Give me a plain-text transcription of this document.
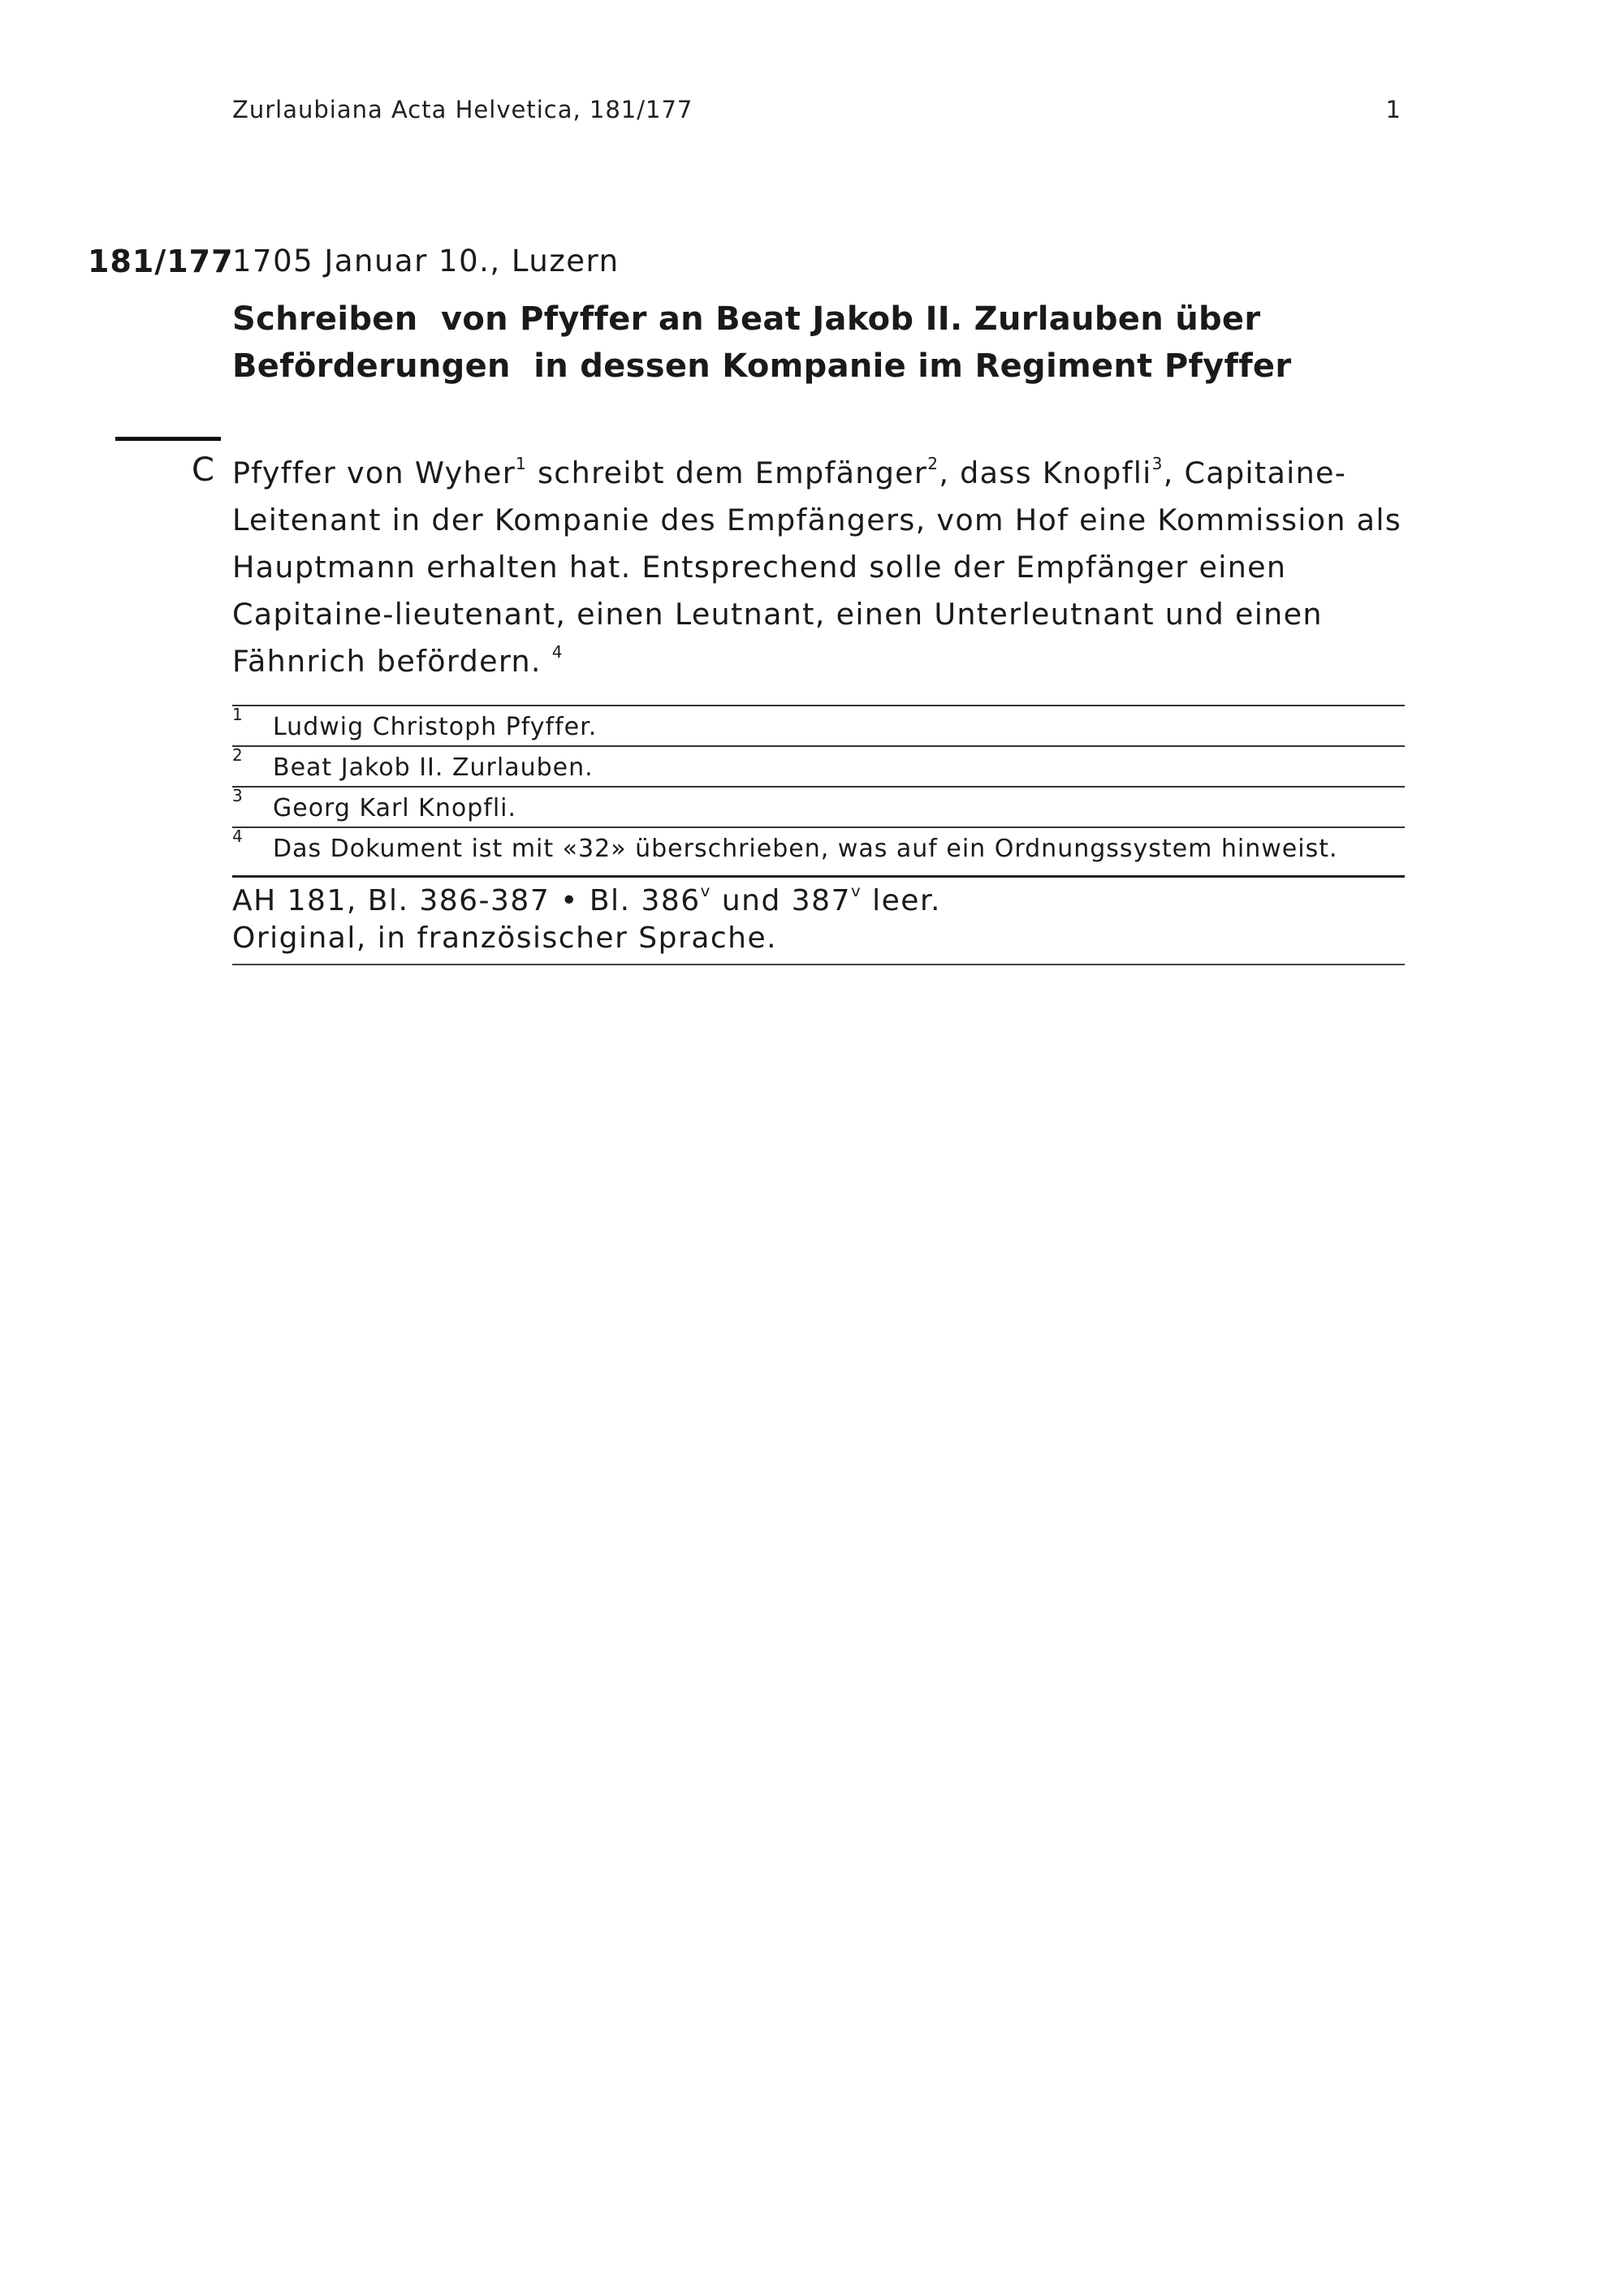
Zurlaubiana Acta Helvetica, 181/177	1
181/177
1705 Januar 10., Luzern
Schreiben  von Pfyffer an Beat Jakob II. Zurlauben über
Beförderungen  in dessen Kompanie im Regiment Pfyffer
C Pfyffer von Wyher$^1$ schreibt dem Empfänger$^2$, dass Knopfli$^3$, Capitaine-Leitenant in der Kompanie des Empfängers, vom Hof eine Kommission als Hauptmann erhalten hat. Entsprechend solle der Empfänger einen Capitaine-lieutenant, einen Leutnant, einen Unterleutnant und einen Fähnrich befördern. $^4$

1 Ludwig Christoph Pfyffer.
2 Beat Jakob II. Zurlauben.
3 Georg Karl Knopfli.
4 Das Dokument ist mit «32» überschrieben, was auf ein Ordnungssystem hinweist.
AH 181, Bl. 386-387 • Bl. 386$^v$ und 387$^v$ leer.
Original, in französischer Sprache.
